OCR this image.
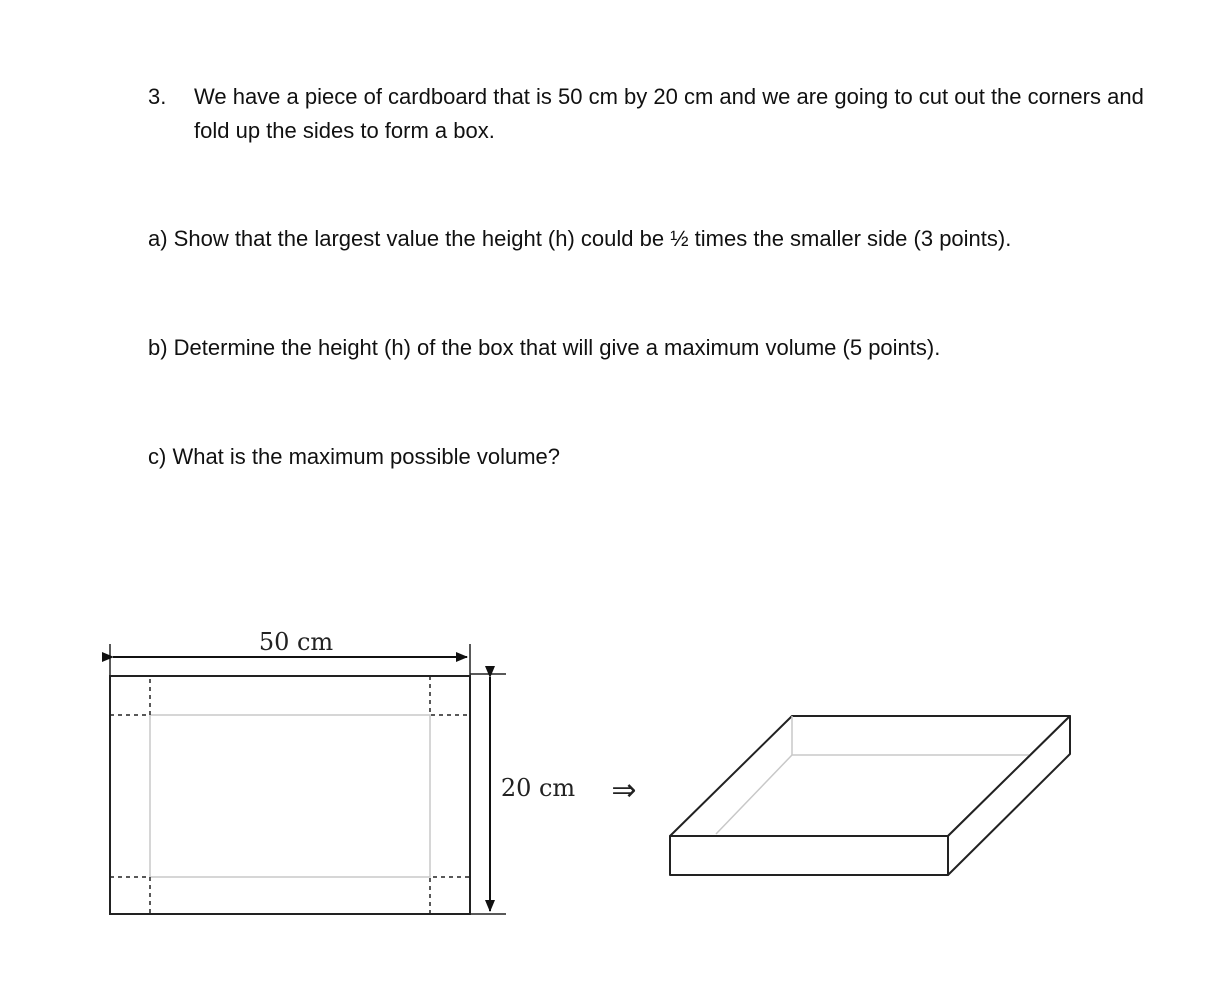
3. We have a piece of cardboard that is 50 cm by 20 cm and we are going to cut out the corners and fold up the sides to form a box.
a) Show that the largest value the height (h) could be ½ times the smaller side (3 points).
b) Determine the height (h) of the box that will give a maximum volume (5 points).
c) What is the maximum possible volume?
50 cm
20 cm ⇒
